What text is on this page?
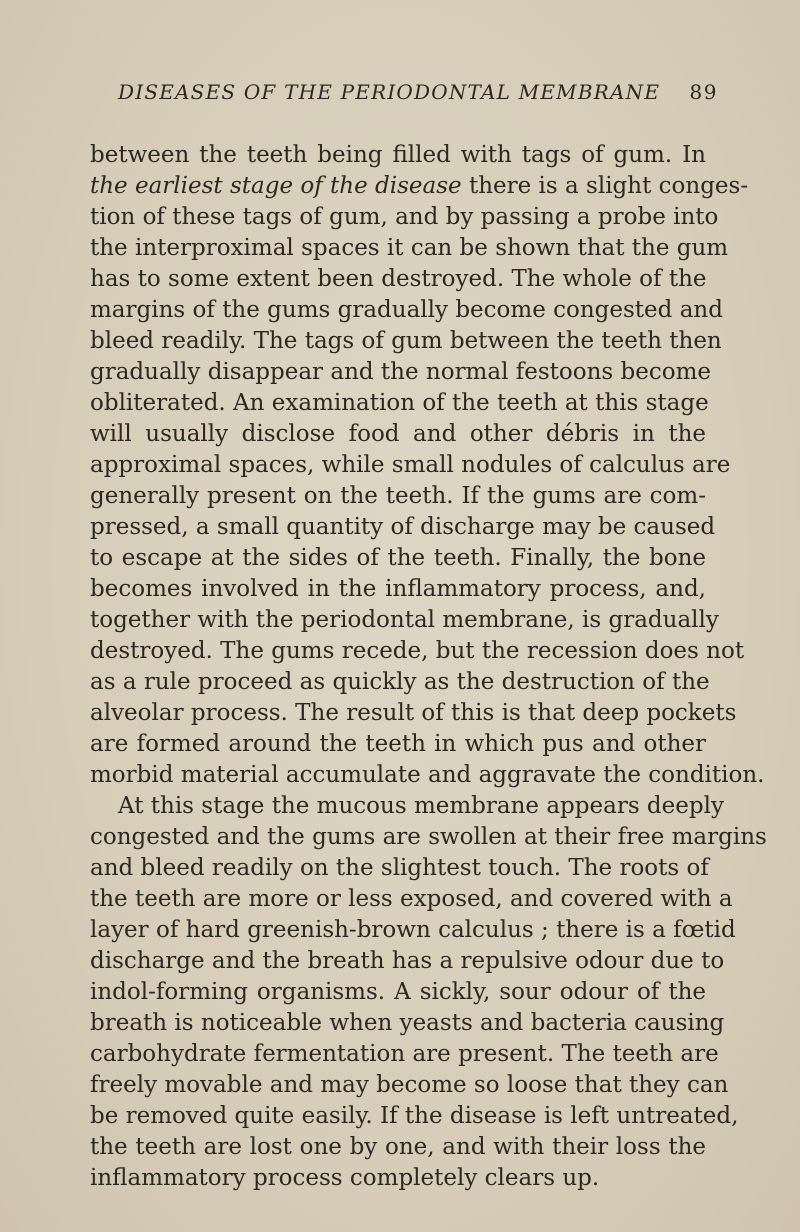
DISEASES OF THE PERIODONTAL MEMBRANE 89
between the teeth being filled with tags of gum. In
the earliest stage of the disease there is a slight conges-
tion of these tags of gum, and by passing a probe into
the interproximal spaces it can be shown that the gum
has to some extent been destroyed. The whole of the
margins of the gums gradually become congested and
bleed readily. The tags of gum between the teeth then
gradually disappear and the normal festoons become
obliterated. An examination of the teeth at this stage
will usually disclose food and other débris in the
approximal spaces, while small nodules of calculus are
generally present on the teeth. If the gums are com-
pressed, a small quantity of discharge may be caused
to escape at the sides of the teeth. Finally, the bone
becomes involved in the inflammatory process, and,
together with the periodontal membrane, is gradually
destroyed. The gums recede, but the recession does not
as a rule proceed as quickly as the destruction of the
alveolar process. The result of this is that deep pockets
are formed around the teeth in which pus and other
morbid material accumulate and aggravate the condition.
At this stage the mucous membrane appears deeply
congested and the gums are swollen at their free margins
and bleed readily on the slightest touch. The roots of
the teeth are more or less exposed, and covered with a
layer of hard greenish-brown calculus ; there is a fœtid
discharge and the breath has a repulsive odour due to
indol-forming organisms. A sickly, sour odour of the
breath is noticeable when yeasts and bacteria causing
carbohydrate fermentation are present. The teeth are
freely movable and may become so loose that they can
be removed quite easily. If the disease is left untreated,
the teeth are lost one by one, and with their loss the
inflammatory process completely clears up.
